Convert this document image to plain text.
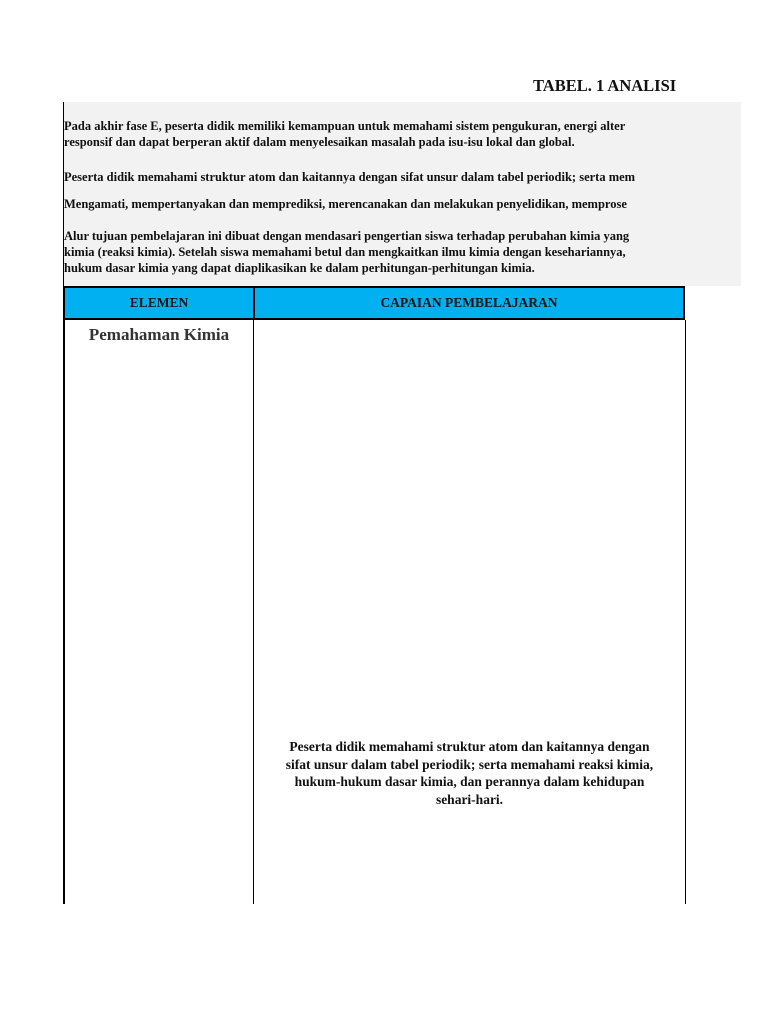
TABEL. 1 ANALISI
Pada akhir fase E, peserta didik memiliki kemampuan untuk memahami sistem pengukuran, energi alter
responsif dan dapat berperan aktif dalam menyelesaikan masalah pada isu-isu lokal dan global.
Peserta didik memahami struktur atom dan kaitannya dengan sifat unsur dalam tabel periodik; serta mem
Mengamati, mempertanyakan dan memprediksi, merencanakan dan melakukan penyelidikan, memprose
Alur tujuan pembelajaran ini dibuat dengan mendasari pengertian siswa terhadap perubahan kimia yang
kimia (reaksi kimia). Setelah siswa memahami betul dan mengkaitkan ilmu kimia dengan kesehariannya,
hukum dasar kimia yang dapat diaplikasikan ke dalam perhitungan-perhitungan kimia.
ELEMEN	CAPAIAN PEMBELAJARAN
Pemahaman Kimia
Peserta didik memahami struktur atom dan kaitannya dengan
sifat unsur dalam tabel periodik; serta memahami reaksi kimia,
hukum-hukum dasar kimia, dan perannya dalam kehidupan
sehari-hari.
